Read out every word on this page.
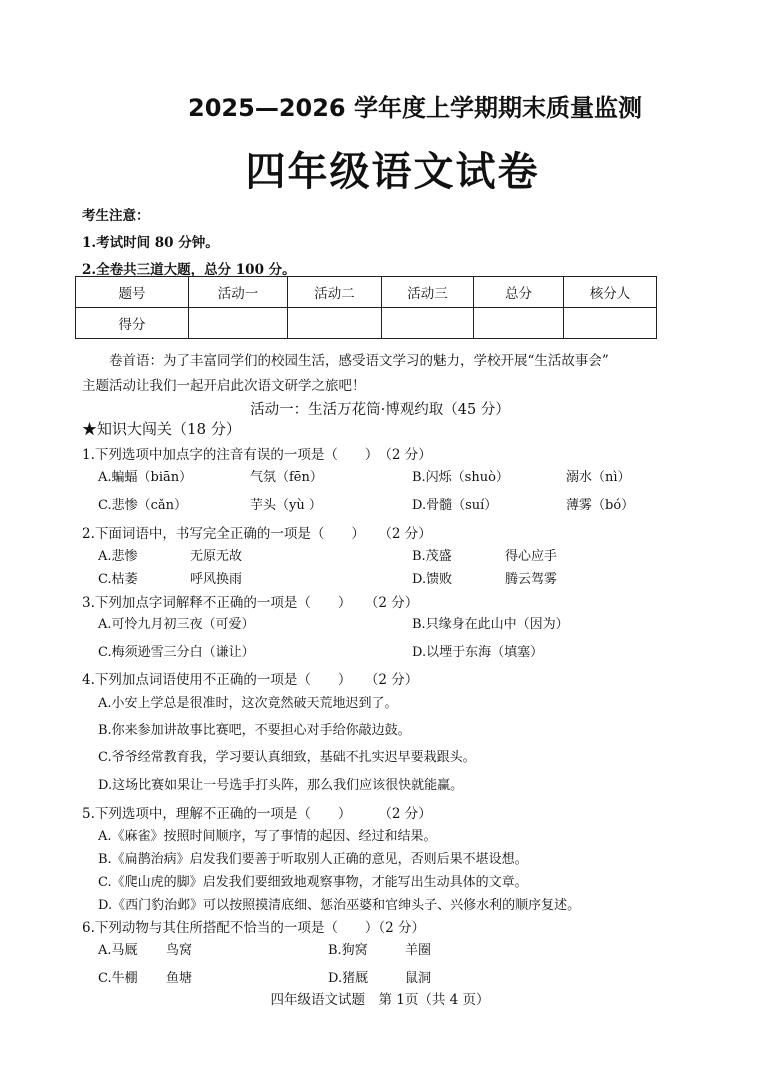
2025—2026 学年度上学期期末质量监测
四年级语文试卷
考生注意：
1.考试时间 80 分钟。
2.全卷共三道大题，总分 100 分。
题号	活动一	活动二	活动三	总分	核分人
得分					
卷首语：为了丰富同学们的校园生活，感受语文学习的魅力，学校开展“生活故事会”
主题活动让我们一起开启此次语文研学之旅吧！
活动一：生活万花筒·博观约取（45 分）
★知识大闯关（18 分）
1.下列选项中加点字的注音有误的一项是（　　）　（2 分）
A.蝙蝠（biān）	气氛（fēn）	B.闪烁（shuò）	溺水（nì）
C.悲惨（cǎn）	芋头（yù ）	D.骨髓（suí）	薄雾（bó）
2.下面词语中，书写完全正确的一项是（　　）　　（2 分）
A.悲惨	无原无故	B.茂盛	得心应手
C.枯萎	呼风换雨	D.馈败	腾云驾雾
3.下列加点字词解释不正确的一项是（　　）　　（2 分）
A.可怜九月初三夜（可爱）	B.只缘身在此山中（因为）
C.梅须逊雪三分白（谦让）	D.以堙于东海（填塞）
4.下列加点词语使用不正确的一项是（　　）　　（2 分）
A.小安上学总是很准时，这次竟然破天荒地迟到了。
B.你来参加讲故事比赛吧，不要担心对手给你敲边鼓。
C.爷爷经常教育我，学习要认真细致，基础不扎实迟早要栽跟头。
D.这场比赛如果让一号选手打头阵，那么我们应该很快就能赢。
5.下列选项中，理解不正确的一项是（　　）　　　（2 分）
A.《麻雀》按照时间顺序，写了事情的起因、经过和结果。
B.《扁鹊治病》启发我们要善于听取别人正确的意见，否则后果不堪设想。
C.《爬山虎的脚》启发我们要细致地观察事物，才能写出生动具体的文章。
D.《西门豹治邺》可以按照摸清底细、惩治巫婆和官绅头子、兴修水利的顺序复述。
6.下列动物与其住所搭配不恰当的一项是（　　）（2 分）
A.马厩 鸟窝	B.狗窝	羊圈
C.牛棚 鱼塘	D.猪厩	鼠洞
四年级语文试题　第 1页（共 4 页）
